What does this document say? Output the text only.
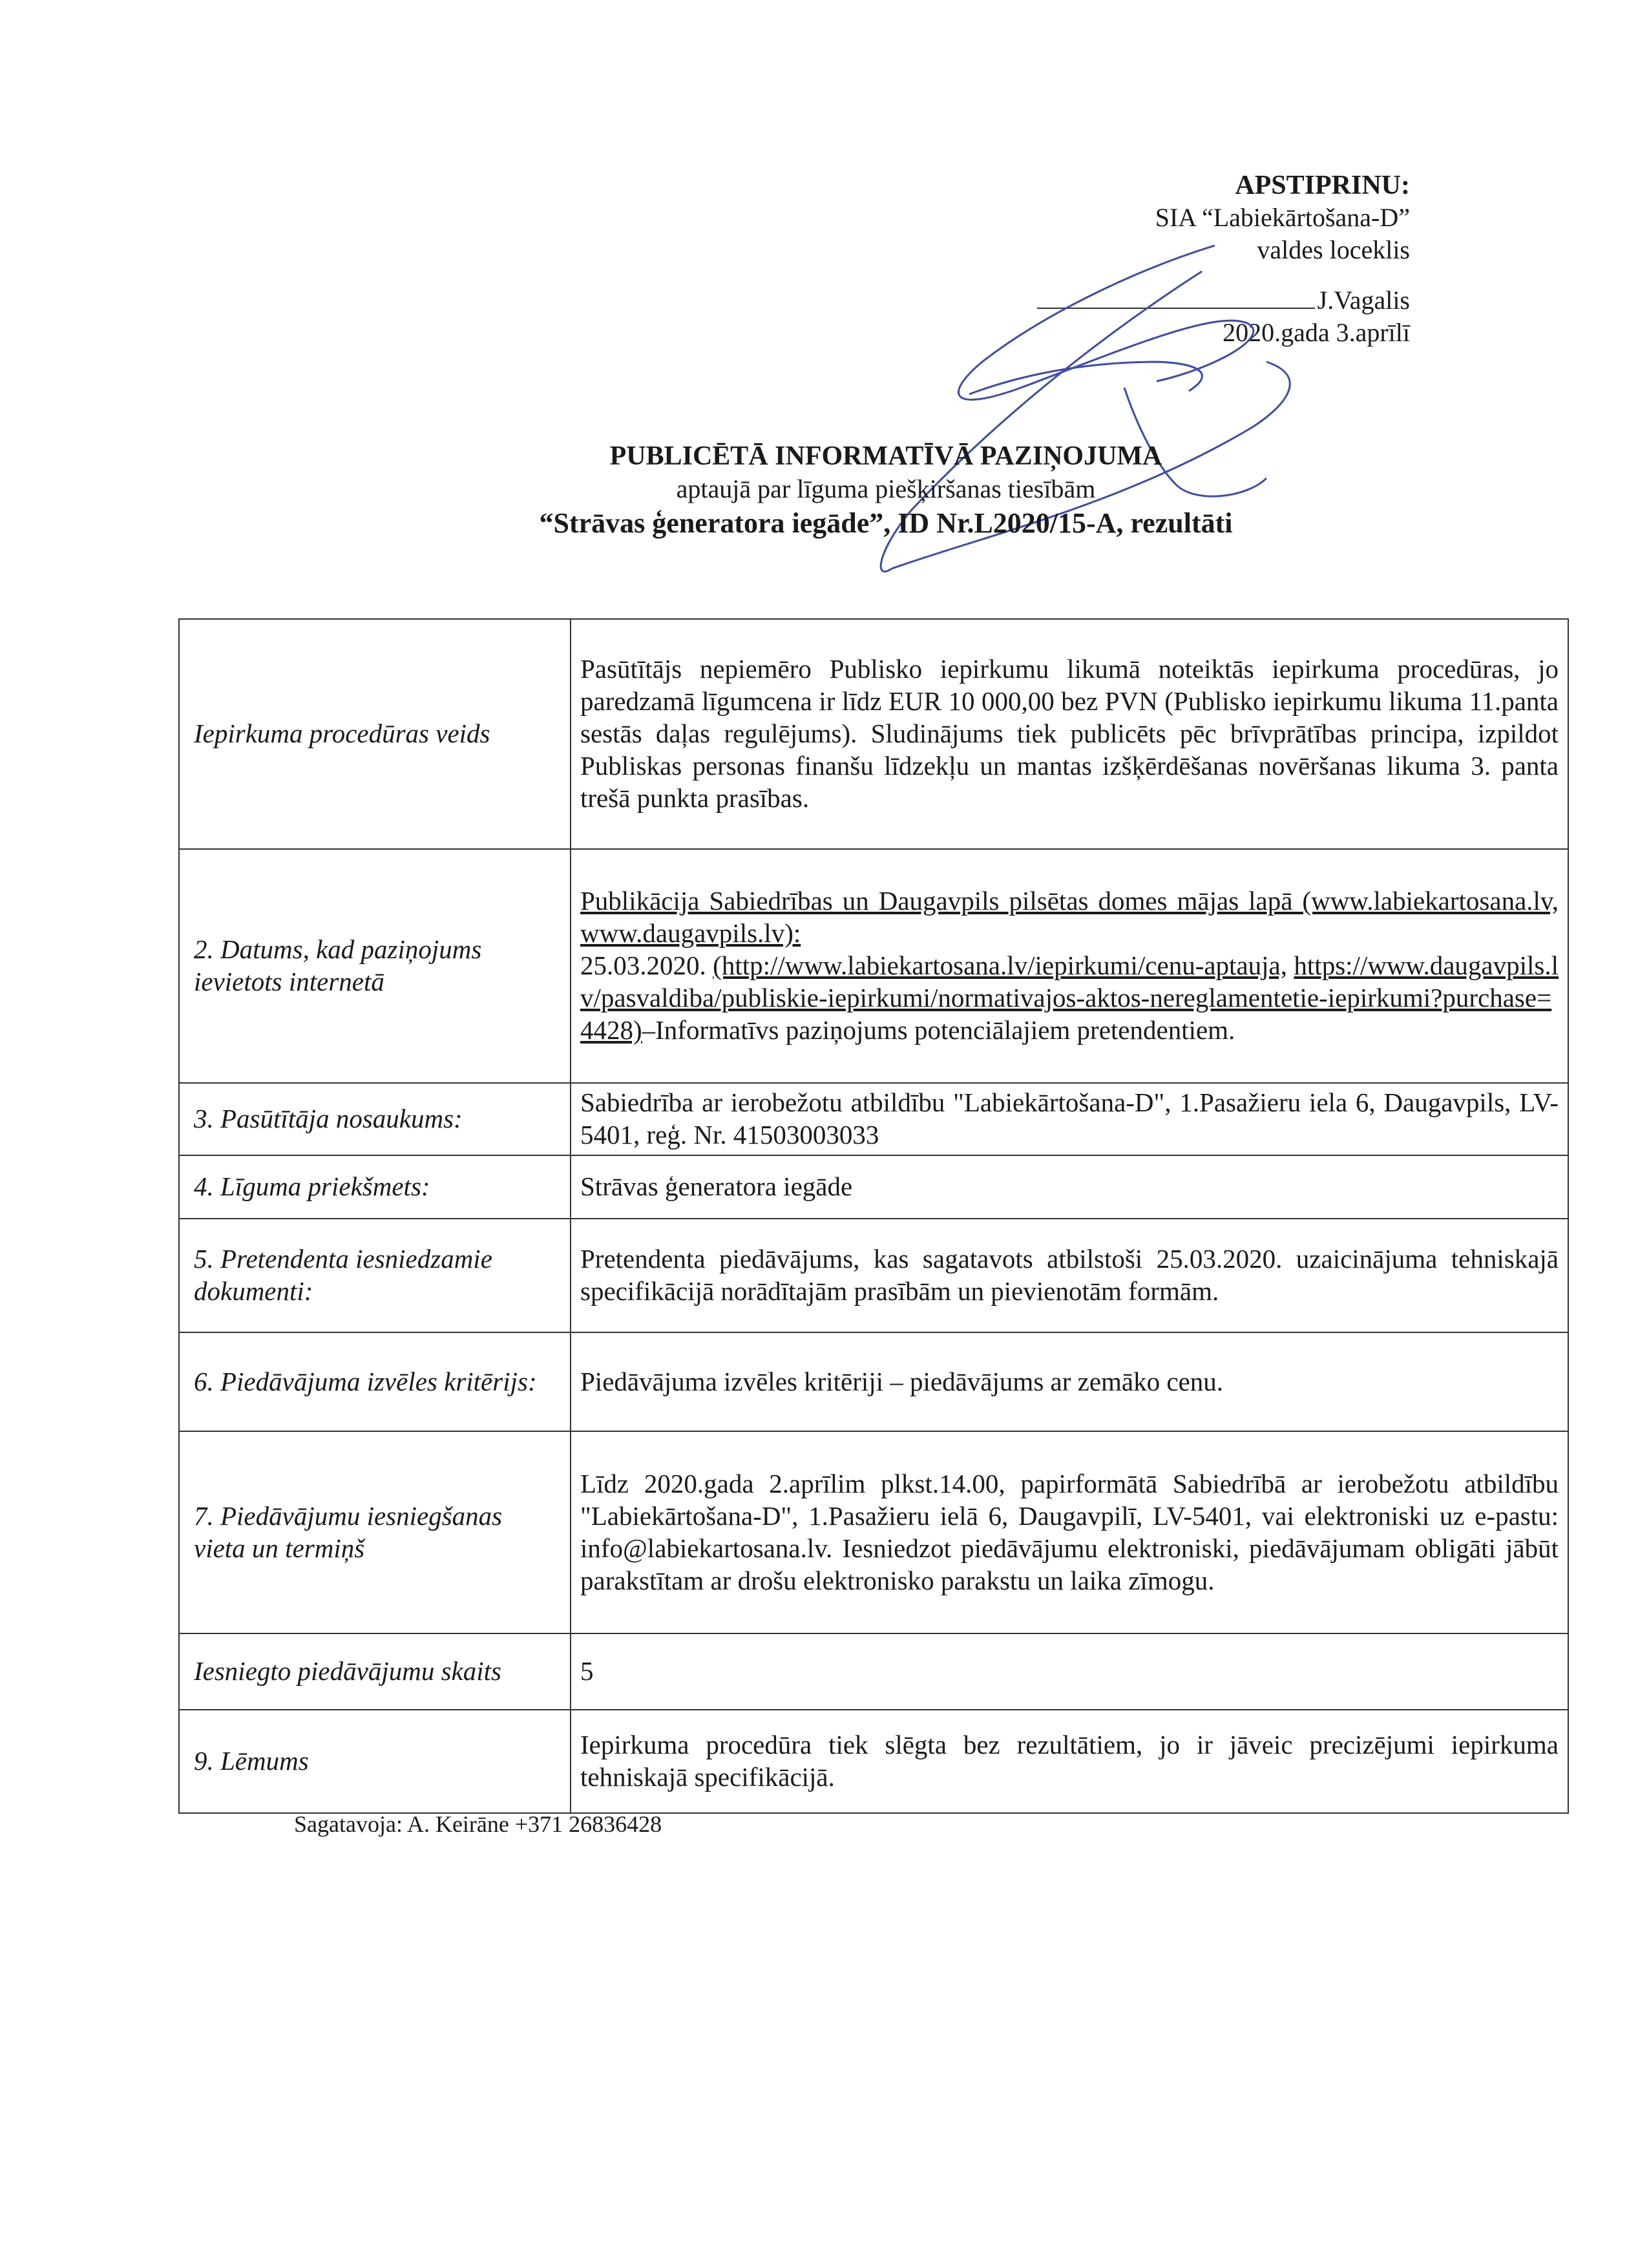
APSTIPRINU:
SIA “Labiekārtošana-D”
valdes loceklis
J.Vagalis
2020.gada 3.aprīlī
PUBLICĒTĀ INFORMATĪVĀ PAZIŅOJUMA
aptaujā par līguma piešķiršanas tiesībām
“Strāvas ģeneratora iegāde”, ID Nr.L2020/15-A, rezultāti
Iepirkuma procedūras veids	Pasūtītājs nepiemēro Publisko iepirkumu likumā noteiktās iepirkuma procedūras, jo paredzamā līgumcena ir līdz EUR 10 000,00 bez PVN (Publisko iepirkumu likuma 11.panta sestās daļas regulējums). Sludinājums tiek publicēts pēc brīvprātības principa, izpildot Publiskas personas finanšu līdzekļu un mantas izšķērdēšanas novēršanas likuma 3. panta trešā punkta prasības.
2. Datums, kad paziņojums ievietots internetā	Publikācija Sabiedrības un Daugavpils pilsētas domes mājas lapā (www.labiekartosana.lv, www.daugavpils.lv):
25.03.2020. (http://www.labiekartosana.lv/iepirkumi/cenu-aptauja, https://www.daugavpils.lv/pasvaldiba/publiskie-iepirkumi/normativajos-aktos-nereglamentetie-iepirkumi?purchase=4428)–Informatīvs paziņojums potenciālajiem pretendentiem.
3. Pasūtītāja nosaukums:	Sabiedrība ar ierobežotu atbildību "Labiekārtošana-D", 1.Pasažieru iela 6, Daugavpils, LV-5401, reģ. Nr. 41503003033
4. Līguma priekšmets:	Strāvas ģeneratora iegāde
5. Pretendenta iesniedzamie dokumenti:	Pretendenta piedāvājums, kas sagatavots atbilstoši 25.03.2020. uzaicinājuma tehniskajā specifikācijā norādītajām prasībām un pievienotām formām.
6. Piedāvājuma izvēles kritērijs:	Piedāvājuma izvēles kritēriji – piedāvājums ar zemāko cenu.
7. Piedāvājumu iesniegšanas vieta un termiņš	Līdz 2020.gada 2.aprīlim plkst.14.00, papirformātā Sabiedrībā ar ierobežotu atbildību "Labiekārtošana-D", 1.Pasažieru ielā 6, Daugavpilī, LV-5401, vai elektroniski uz e-pastu: info@labiekartosana.lv. Iesniedzot piedāvājumu elektroniski, piedāvājumam obligāti jābūt parakstītam ar drošu elektronisko parakstu un laika zīmogu.
Iesniegto piedāvājumu skaits	5
9. Lēmums	Iepirkuma procedūra tiek slēgta bez rezultātiem, jo ir jāveic precizējumi iepirkuma tehniskajā specifikācijā.
Sagatavoja: A. Keirāne +371 26836428
